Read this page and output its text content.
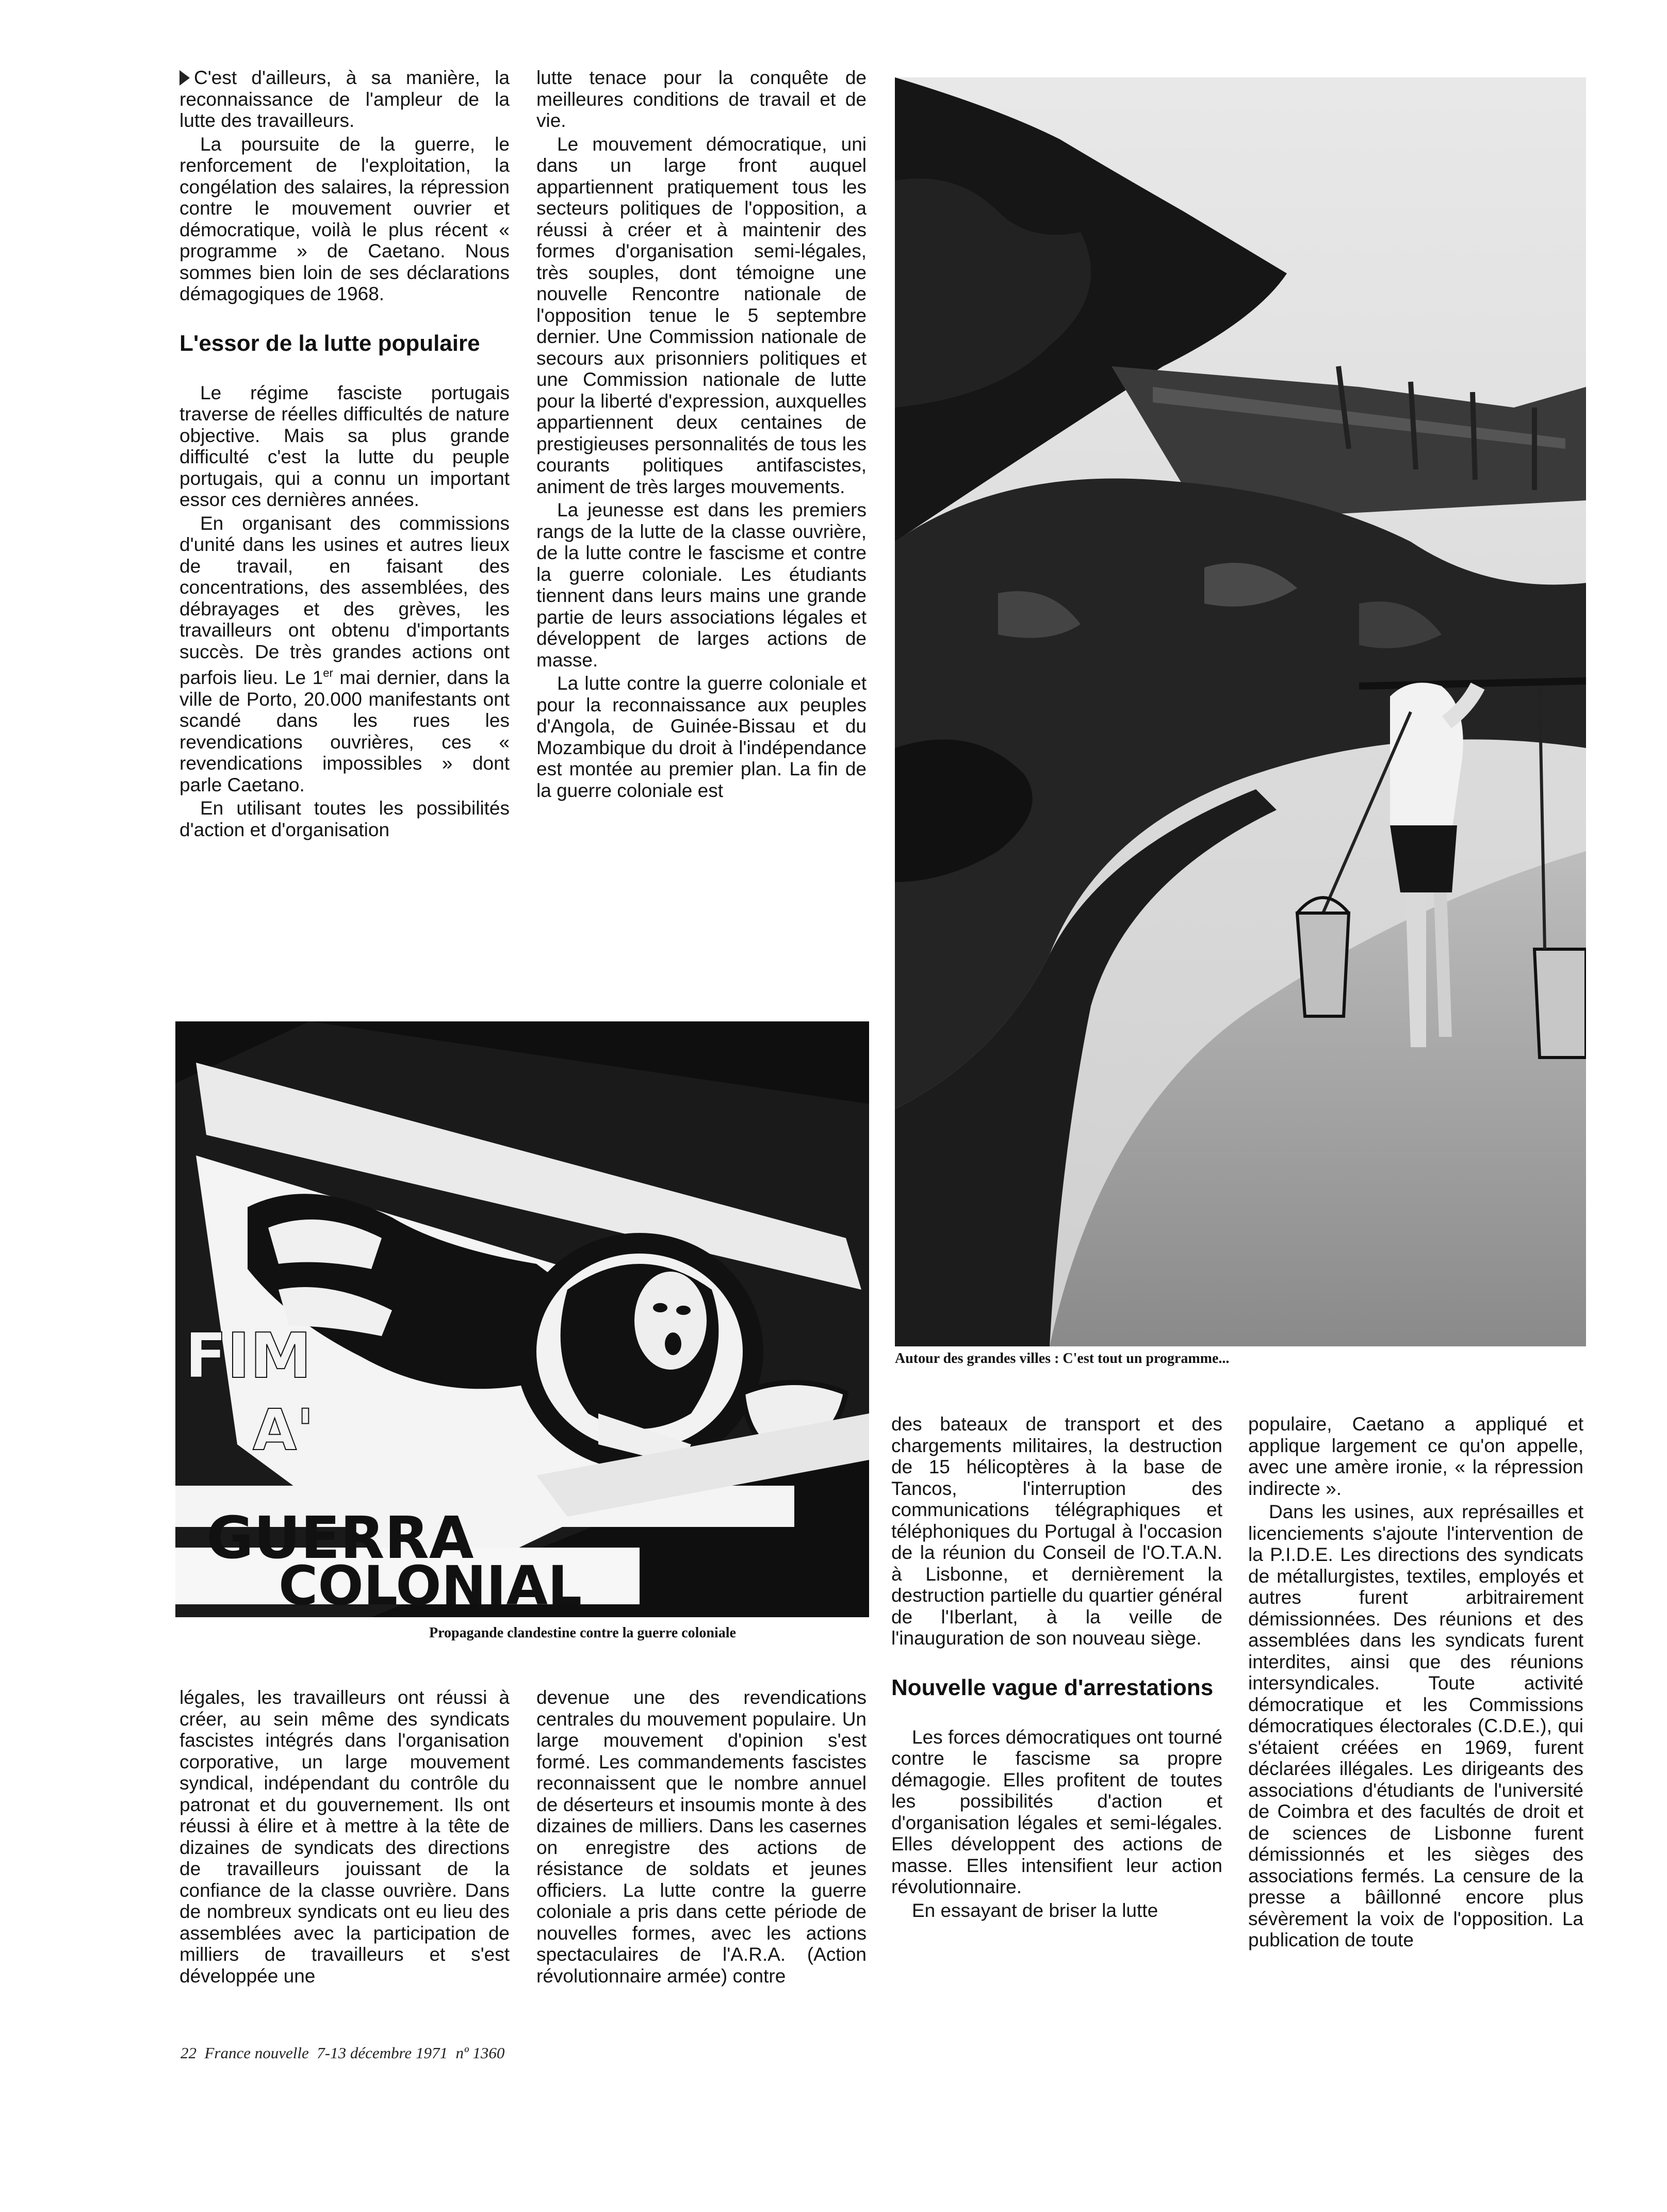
C'est d'ailleurs, à sa manière, la reconnaissance de l'ampleur de la lutte des travailleurs.

La poursuite de la guerre, le renforcement de l'exploitation, la congélation des salaires, la répression contre le mouvement ouvrier et démocratique, voilà le plus récent « programme » de Caetano. Nous sommes bien loin de ses déclarations démagogiques de 1968.

L'essor de la lutte populaire

Le régime fasciste portugais traverse de réelles difficultés de nature objective. Mais sa plus grande difficulté c'est la lutte du peuple portugais, qui a connu un important essor ces dernières années.

En organisant des commissions d'unité dans les usines et autres lieux de travail, en faisant des concentrations, des assemblées, des débrayages et des grèves, les travailleurs ont obtenu d'importants succès. De très grandes actions ont parfois lieu. Le 1er mai dernier, dans la ville de Porto, 20.000 manifestants ont scandé dans les rues les revendications ouvrières, ces « revendications impossibles » dont parle Caetano.

En utilisant toutes les possibilités d'action et d'organisation

lutte tenace pour la conquête de meilleures conditions de travail et de vie.

Le mouvement démocratique, uni dans un large front auquel appartiennent pratiquement tous les secteurs politiques de l'opposition, a réussi à créer et à maintenir des formes d'organisation semi-légales, très souples, dont témoigne une nouvelle Rencontre nationale de l'opposition tenue le 5 septembre dernier. Une Commission nationale de secours aux prisonniers politiques et une Commission nationale de lutte pour la liberté d'expression, auxquelles appartiennent deux centaines de prestigieuses personnalités de tous les courants politiques antifascistes, animent de très larges mouvements.

La jeunesse est dans les premiers rangs de la lutte de la classe ouvrière, de la lutte contre le fascisme et contre la guerre coloniale. Les étudiants tiennent dans leurs mains une grande partie de leurs associations légales et développent de larges actions de masse.

La lutte contre la guerre coloniale et pour la reconnaissance aux peuples d'Angola, de Guinée-Bissau et du Mozambique du droit à l'indépendance est montée au premier plan. La fin de la guerre coloniale est

Autour des grandes villes : C'est tout un programme...
FIM
A'
GUERRA
COLONIAL
Propagande clandestine contre la guerre coloniale

légales, les travailleurs ont réussi à créer, au sein même des syndicats fascistes intégrés dans l'organisation corporative, un large mouvement syndical, indépendant du contrôle du patronat et du gouvernement. Ils ont réussi à élire et à mettre à la tête de dizaines de syndicats des directions de travailleurs jouissant de la confiance de la classe ouvrière. Dans de nombreux syndicats ont eu lieu des assemblées avec la participation de milliers de travailleurs et s'est développée une

devenue une des revendications centrales du mouvement populaire. Un large mouvement d'opinion s'est formé. Les commandements fascistes reconnaissent que le nombre annuel de déserteurs et insoumis monte à des dizaines de milliers. Dans les casernes on enregistre des actions de résistance de soldats et jeunes officiers. La lutte contre la guerre coloniale a pris dans cette période de nouvelles formes, avec les actions spectaculaires de l'A.R.A. (Action révolutionnaire armée) contre

des bateaux de transport et des chargements militaires, la destruction de 15 hélicoptères à la base de Tancos, l'interruption des communications télégraphiques et téléphoniques du Portugal à l'occasion de la réunion du Conseil de l'O.T.A.N. à Lisbonne, et dernièrement la destruction partielle du quartier général de l'Iberlant, à la veille de l'inauguration de son nouveau siège.

Nouvelle vague d'arrestations

Les forces démocratiques ont tourné contre le fascisme sa propre démagogie. Elles profitent de toutes les possibilités d'action et d'organisation légales et semi-légales. Elles développent des actions de masse. Elles intensifient leur action révolutionnaire.

En essayant de briser la lutte

populaire, Caetano a appliqué et applique largement ce qu'on appelle, avec une amère ironie, « la répression indirecte ».

Dans les usines, aux représailles et licenciements s'ajoute l'intervention de la P.I.D.E. Les directions des syndicats de métallurgistes, textiles, employés et autres furent arbitrairement démissionnées. Des réunions et des assemblées dans les syndicats furent interdites, ainsi que des réunions intersyndicales. Toute activité démocratique et les Commissions démocratiques électorales (C.D.E.), qui s'étaient créées en 1969, furent déclarées illégales. Les dirigeants des associations d'étudiants de l'université de Coimbra et des facultés de droit et de sciences de Lisbonne furent démissionnés et les sièges des associations fermés. La censure de la presse a bâillonné encore plus sévèrement la voix de l'opposition. La publication de toute

22 France nouvelle 7-13 décembre 1971 nº 1360
